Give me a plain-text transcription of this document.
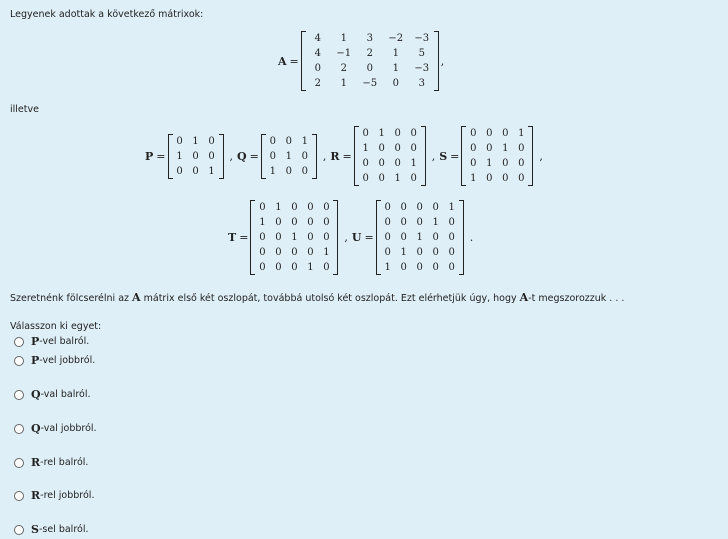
Legyenek adottak a következő mátrixok:
A =
4	1	3	−2	−3
4	−1	2	1	5
0	2	0	1	−3
2	1	−5	0	3
,
illetve
P =
0 1 0
1 0 0
0 0 1
, Q =
0 0 1
0 1 0
1 0 0
, R =
0 1 0 0
1 0 0 0
0 0 0 1
0 0 1 0
, S =
0 0 0 1
0 0 1 0
0 1 0 0
1 0 0 0
,
T =
0 1 0 0 0
1 0 0 0 0
0 0 1 0 0
0 0 0 0 1
0 0 0 1 0
, U =
0 0 0 0 1
0 0 0 1 0
0 0 1 0 0
0 1 0 0 0
1 0 0 0 0
.
Szeretnénk fölcserélni az A mátrix első két oszlopát, továbbá utolsó két oszlopát. Ezt elérhetjük úgy, hogy A-t megszorozzuk . . .
Válasszon ki egyet:
P -vel balról.
P -vel jobbról.
Q -val balról.
Q -val jobbról.
R -rel balról.
R -rel jobbról.
S -sel balról.
